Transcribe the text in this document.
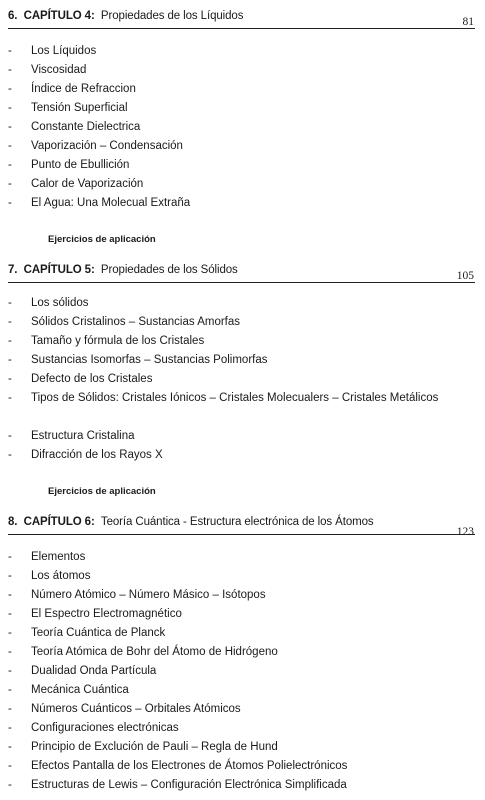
6. CAPÍTULO 4: Propiedades de los Líquidos	81
- Los Líquidos
- Viscosidad
- Índice de Refraccion
- Tensión Superficial
- Constante Dielectrica
- Vaporización – Condensación
- Punto de Ebullición
- Calor de Vaporización
- El Agua: Una Molecual Extraña
Ejercicios de aplicación
7. CAPÍTULO 5: Propiedades de los Sólidos	105
- Los sólidos
- Sólidos Cristalinos – Sustancias Amorfas
- Tamaño y fórmula de los Cristales
- Sustancias Isomorfas – Sustancias Polimorfas
- Defecto de los Cristales
- Tipos de Sólidos: Cristales Iónicos – Cristales Molecualers – Cristales Metálicos
- Estructura Cristalina
- Difracción de los Rayos X
Ejercicios de aplicación
8. CAPÍTULO 6: Teoría Cuántica - Estructura electrónica de los Átomos
123
- Elementos
- Los átomos
- Número Atómico – Número Másico – Isótopos
- El Espectro Electromagnético
- Teoría Cuántica de Planck
- Teoría Atómica de Bohr del Átomo de Hidrógeno
- Dualidad Onda Partícula
- Mecánica Cuántica
- Números Cuánticos – Orbitales Atómicos
- Configuraciones electrónicas
- Principio de Exclución de Pauli – Regla de Hund
- Efectos Pantalla de los Electrones de Átomos Polielectrónicos
- Estructuras de Lewis – Configuración Electrónica Simplificada
